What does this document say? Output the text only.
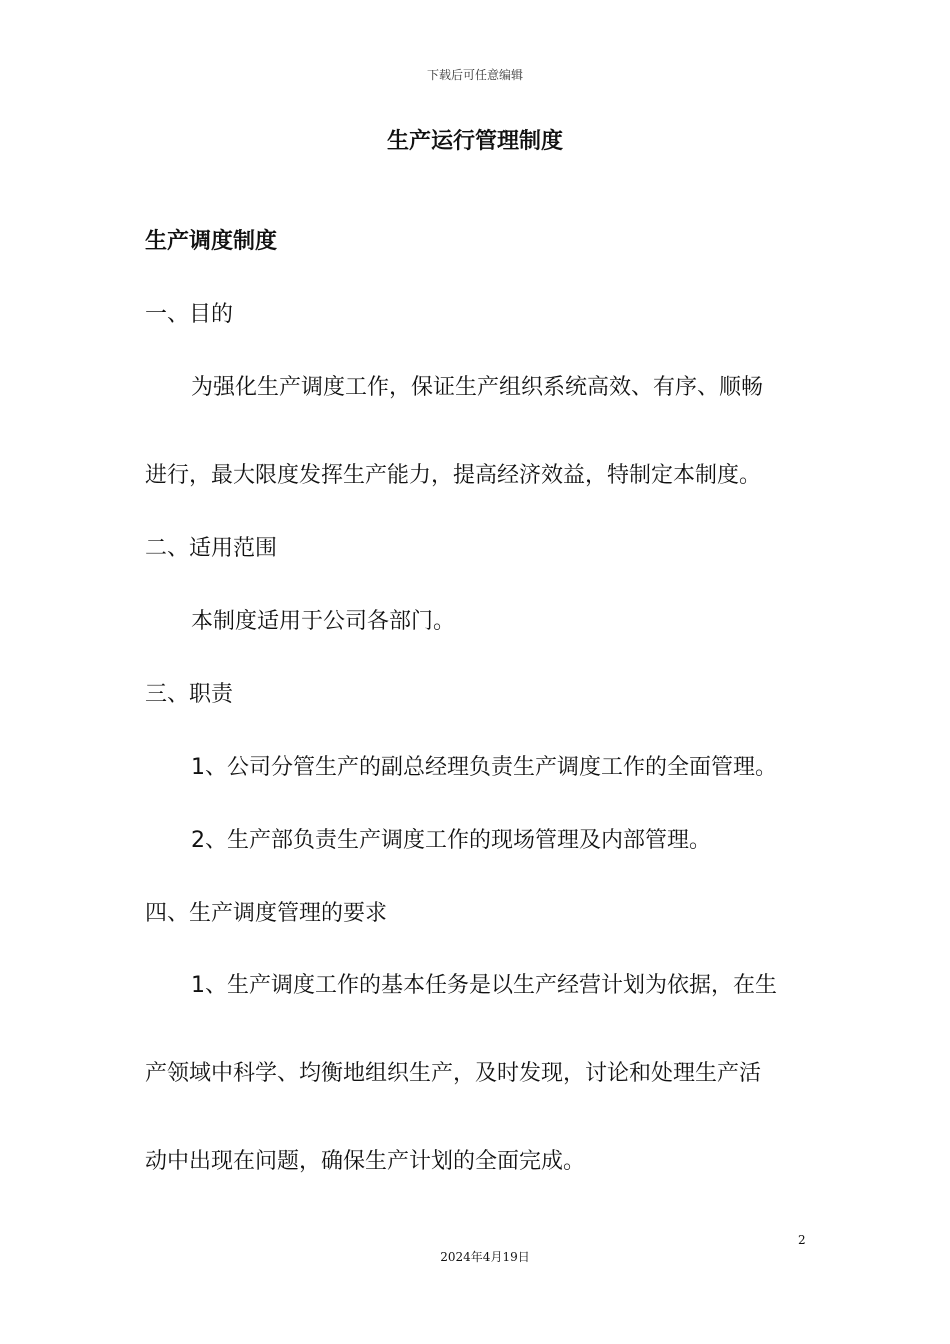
下载后可任意编辑
生产运行管理制度
生产调度制度
一、目的
为强化生产调度工作，保证生产组织系统高效、有序、顺畅
进行，最大限度发挥生产能力，提高经济效益，特制定本制度。
二、适用范围
本制度适用于公司各部门。
三、职责
1、公司分管生产的副总经理负责生产调度工作的全面管理。
2、生产部负责生产调度工作的现场管理及内部管理。
四、生产调度管理的要求
1、生产调度工作的基本任务是以生产经营计划为依据，在生
产领域中科学、均衡地组织生产，及时发现，讨论和处理生产活
动中出现在问题，确保生产计划的全面完成。
2
2024年4月19日
